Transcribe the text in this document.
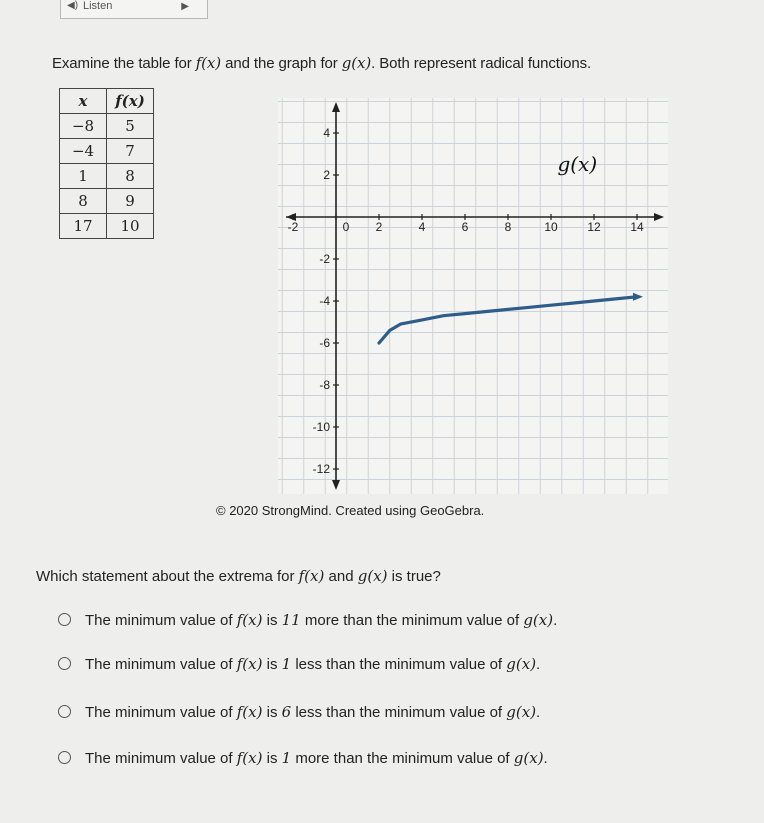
◀) Listen	▶
Examine the table for f(x) and the graph for g(x). Both represent radical functions.
x	f(x)
−8	5
−4	7
1	8
8	9
17	10	-2	0 2	4	6	8	10 12 14
4
2
-2
-4
-6
-8
-10
-12
g(x)
© 2020 StrongMind. Created using GeoGebra.
Which statement about the extrema for f(x) and g(x) is true?
The minimum value of f(x) is 11 more than the minimum value of g(x).
The minimum value of f(x) is 1 less than the minimum value of g(x).
The minimum value of f(x) is 6 less than the minimum value of g(x).
The minimum value of f(x) is 1 more than the minimum value of g(x).
